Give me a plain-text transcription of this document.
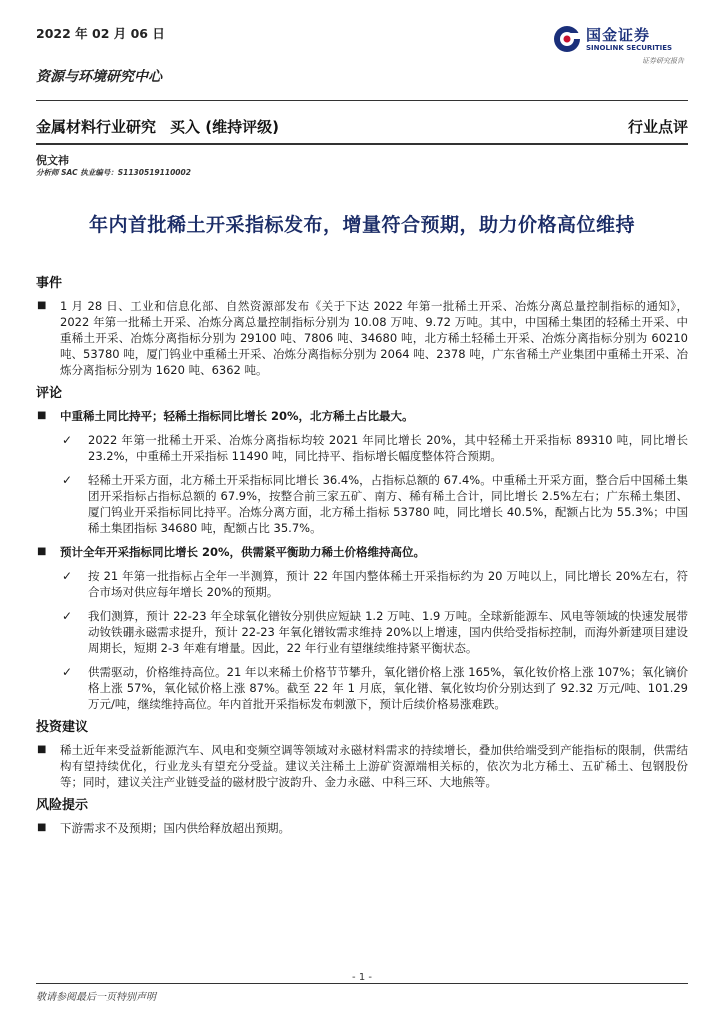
2022 年 02 月 06 日	国金证券
SINOLINK SECURITIES
证券研究报告
资源与环境研究中心
金属材料行业研究 买入 (维持评级)	行业点评
倪文祎
分析师 SAC 执业编号：S1130519110002
年内首批稀土开采指标发布，增量符合预期，助力价格高位维持
事件
■	1 月 28 日、工业和信息化部、自然资源部发布《关于下达 2022 年第一批稀土开采、冶炼分离总量控制指标的通知》，2022 年第一批稀土开采、冶炼分离总量控制指标分别为 10.08 万吨、9.72 万吨。其中，中国稀土集团的轻稀土开采、中重稀土开采、冶炼分离指标分别为 29100 吨、7806 吨、34680 吨，北方稀土轻稀土开采、冶炼分离指标分别为 60210 吨、53780 吨，厦门钨业中重稀土开采、冶炼分离指标分别为 2064 吨、2378 吨，广东省稀土产业集团中重稀土开采、冶炼分离指标分别为 1620 吨、6362 吨。
评论
■	中重稀土同比持平；轻稀土指标同比增长 20%，北方稀土占比最大。
✓ 2022 年第一批稀土开采、冶炼分离指标均较 2021 年同比增长 20%，其中轻稀土开采指标 89310 吨，同比增长 23.2%，中重稀土开采指标 11490 吨，同比持平、指标增长幅度整体符合预期。
✓ 轻稀土开采方面，北方稀土开采指标同比增长 36.4%，占指标总额的 67.4%。中重稀土开采方面，整合后中国稀土集团开采指标占指标总额的 67.9%，按整合前三家五矿、南方、稀有稀土合计，同比增长 2.5%左右；广东稀土集团、厦门钨业开采指标同比持平。冶炼分离方面，北方稀土指标 53780 吨，同比增长 40.5%，配额占比为 55.3%；中国稀土集团指标 34680 吨，配额占比 35.7%。
■	预计全年开采指标同比增长 20%，供需紧平衡助力稀土价格维持高位。
✓ 按 21 年第一批指标占全年一半测算，预计 22 年国内整体稀土开采指标约为 20 万吨以上，同比增长 20%左右，符合市场对供应每年增长 20%的预期。
✓ 我们测算，预计 22-23 年全球氧化镨钕分别供应短缺 1.2 万吨、1.9 万吨。全球新能源车、风电等领域的快速发展带动钕铁硼永磁需求提升，预计 22-23 年氧化镨钕需求维持 20%以上增速，国内供给受指标控制，而海外新建项目建设周期长，短期 2-3 年难有增量。因此，22 年行业有望继续维持紧平衡状态。
✓ 供需驱动，价格维持高位。21 年以来稀土价格节节攀升，氧化镨价格上涨 165%，氧化钕价格上涨 107%；氧化镝价格上涨 57%，氧化铽价格上涨 87%。截至 22 年 1 月底，氧化镨、氧化钕均价分别达到了 92.32 万元/吨、101.29 万元/吨，继续维持高位。年内首批开采指标发布刺激下，预计后续价格易涨难跌。
投资建议
■	稀土近年来受益新能源汽车、风电和变频空调等领域对永磁材料需求的持续增长，叠加供给端受到产能指标的限制，供需结构有望持续优化，行业龙头有望充分受益。建议关注稀土上游矿资源端相关标的，依次为北方稀土、五矿稀土、包钢股份等；同时，建议关注产业链受益的磁材股宁波韵升、金力永磁、中科三环、大地熊等。
风险提示
■	下游需求不及预期；国内供给释放超出预期。
- 1 -
敬请参阅最后一页特别声明
